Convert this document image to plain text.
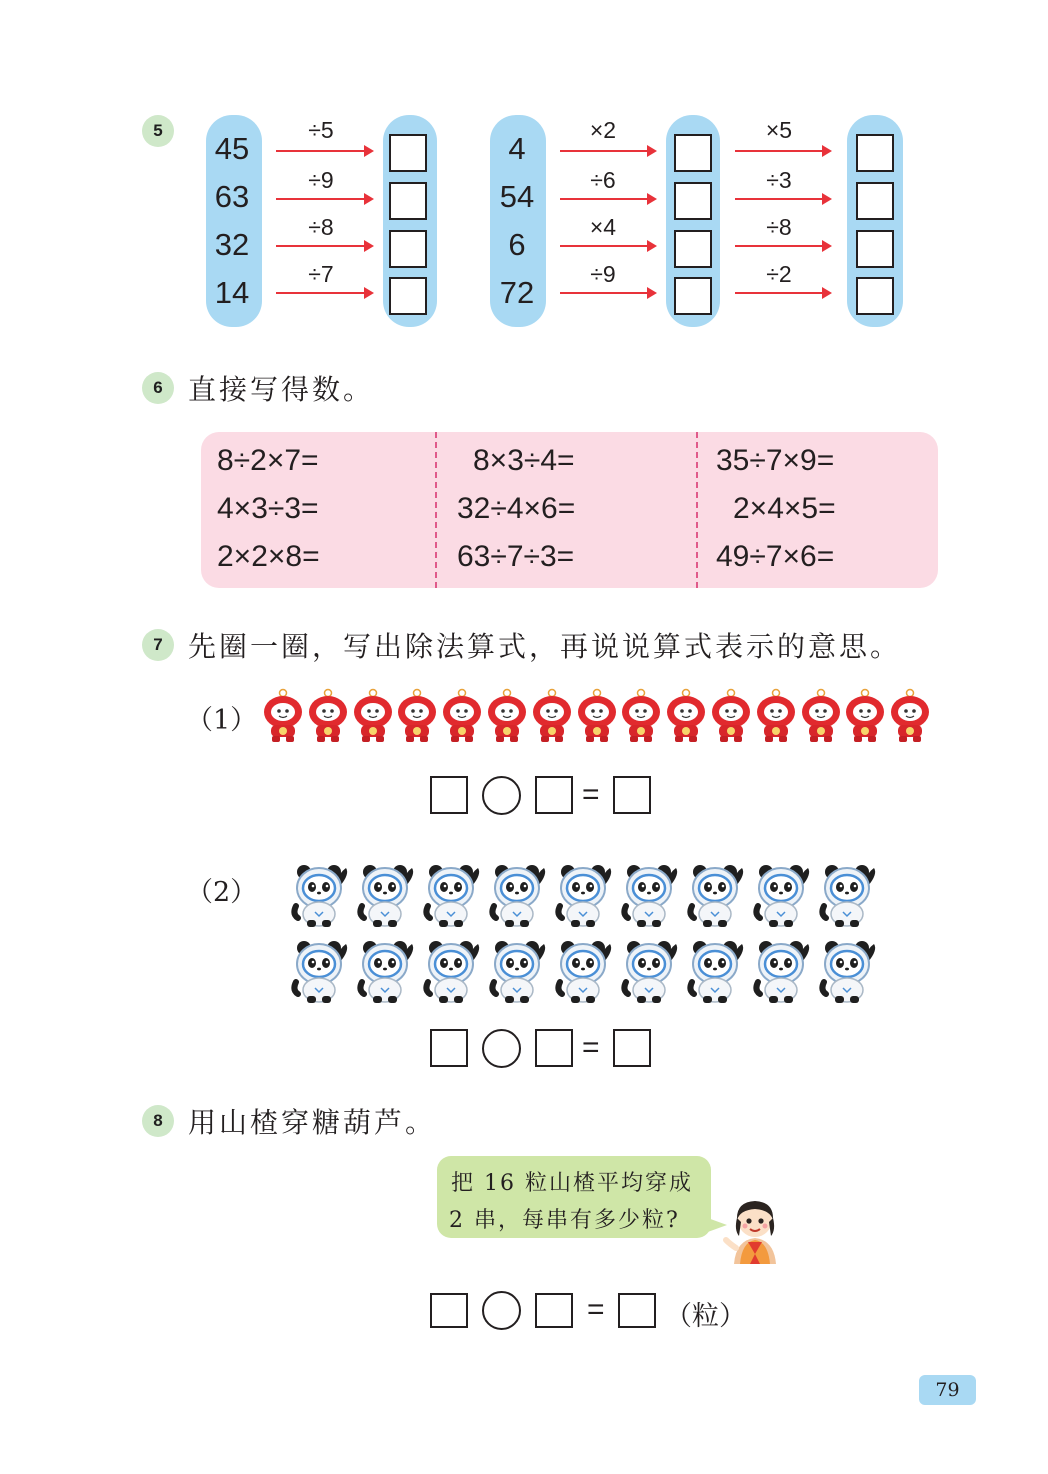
5
45
63
32
14
÷5
÷9
÷8
÷7
4
54
6
72
×2
÷6
×4
÷9
×5
÷3
÷8
÷2
6 直接写得数。
8÷2×7=
4×3÷3=
2×2×8=
8×3÷4=
32÷4×6=
63÷7÷3=
35÷7×9=
2×4×5=
49÷7×6=
7 先圈一圈，写出除法算式，再说说算式表示的意思。
（1）
=
（2）
=
8 用山楂穿糖葫芦。
把 16 粒山楂平均穿成
2 串，每串有多少粒?
= （粒）
79
